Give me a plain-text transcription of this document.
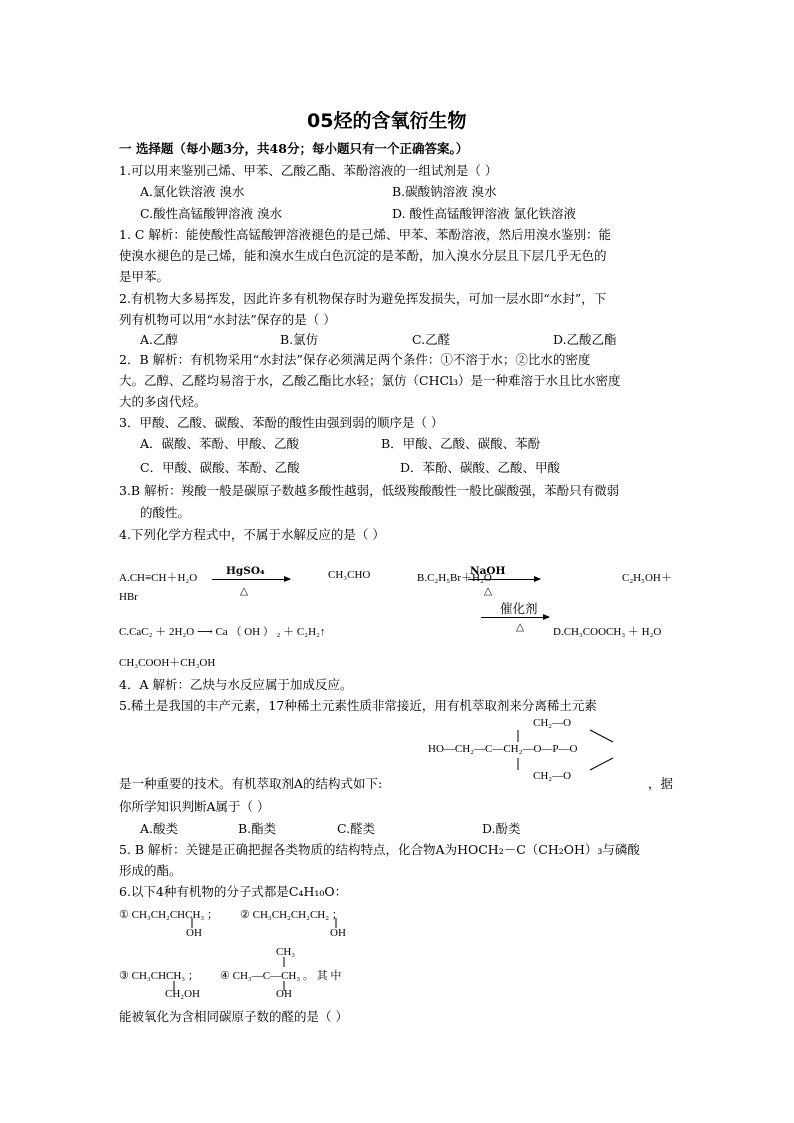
05烃的含氧衍生物
一 选择题（每小题3分，共48分；每小题只有一个正确答案。）
1.可以用来鉴别己烯、甲苯、乙酸乙酯、苯酚溶液的一组试剂是（ ）
A.氯化铁溶液 溴水	B.碳酸钠溶液 溴水
C.酸性高锰酸钾溶液 溴水	D. 酸性高锰酸钾溶液 氯化铁溶液
1. C 解析：能使酸性高锰酸钾溶液褪色的是己烯、甲苯、苯酚溶液，然后用溴水鉴别：能
使溴水褪色的是己烯，能和溴水生成白色沉淀的是苯酚，加入溴水分层且下层几乎无色的
是甲苯。
2.有机物大多易挥发，因此许多有机物保存时为避免挥发损失，可加一层水即“水封”，下
列有机物可以用“水封法”保存的是（ ）
A.乙醇	B.氯仿	C.乙醛	D.乙酸乙酯
2．B 解析：有机物采用“水封法”保存必须满足两个条件：①不溶于水；②比水的密度
大。乙醇、乙醛均易溶于水，乙酸乙酯比水轻；氯仿（CHCl₃）是一种难溶于水且比水密度
大的多卤代烃。
3．甲酸、乙酸、碳酸、苯酚的酸性由强到弱的顺序是（ ）
A．碳酸、苯酚、甲酸、乙酸	B．甲酸、乙酸、碳酸、苯酚
C．甲酸、碳酸、苯酚、乙酸	D．苯酚、碳酸、乙酸、甲酸
3.B 解析：羧酸一般是碳原子数越多酸性越弱，低级羧酸酸性一般比碳酸强，苯酚只有微弱
的酸性。
4.下列化学方程式中，不属于水解反应的是（ ）
A.CH≡CH＋H₂O
HgSO₄
△
CH₃CHO	B.C₂H₅Br＋H₂O
NaOH
△
C₂H₅OH＋
HBr
催化剂
△
C.CaC₂ ＋ 2H₂O ⟶ Ca （ OH ） ₂ ＋ C₂H₂↑	D.CH₃COOCH₃ ＋ H₂O
CH₃COOH＋CH₃OH
4．A 解析：乙炔与水反应属于加成反应。
5.稀土是我国的丰产元素，17种稀土元素性质非常接近，用有机萃取剂来分离稀土元素
CH₂—O
HO—CH₂—C—CH₂—O—P—O
CH₂—O
是一种重要的技术。有机萃取剂A的结构式如下:	，据
你所学知识判断A属于（ ）
A.酸类	B.酯类	C.醛类	D.酚类
5. B 解析：关键是正确把握各类物质的结构特点，化合物A为HOCH₂－C（CH₂OH）₃与磷酸
形成的酯。
6.以下4种有机物的分子式都是C₄H₁₀O：
① CH₃CH₂CHCH₃ ； ② CH₃CH₂CH₂CH₂ ；
OH	OH
CH₃
③ CH₃CHCH₃ ； ④ CH₃—C—CH₃ 。 其 中
CH₂OH	OH
能被氧化为含相同碳原子数的醛的是（ ）
